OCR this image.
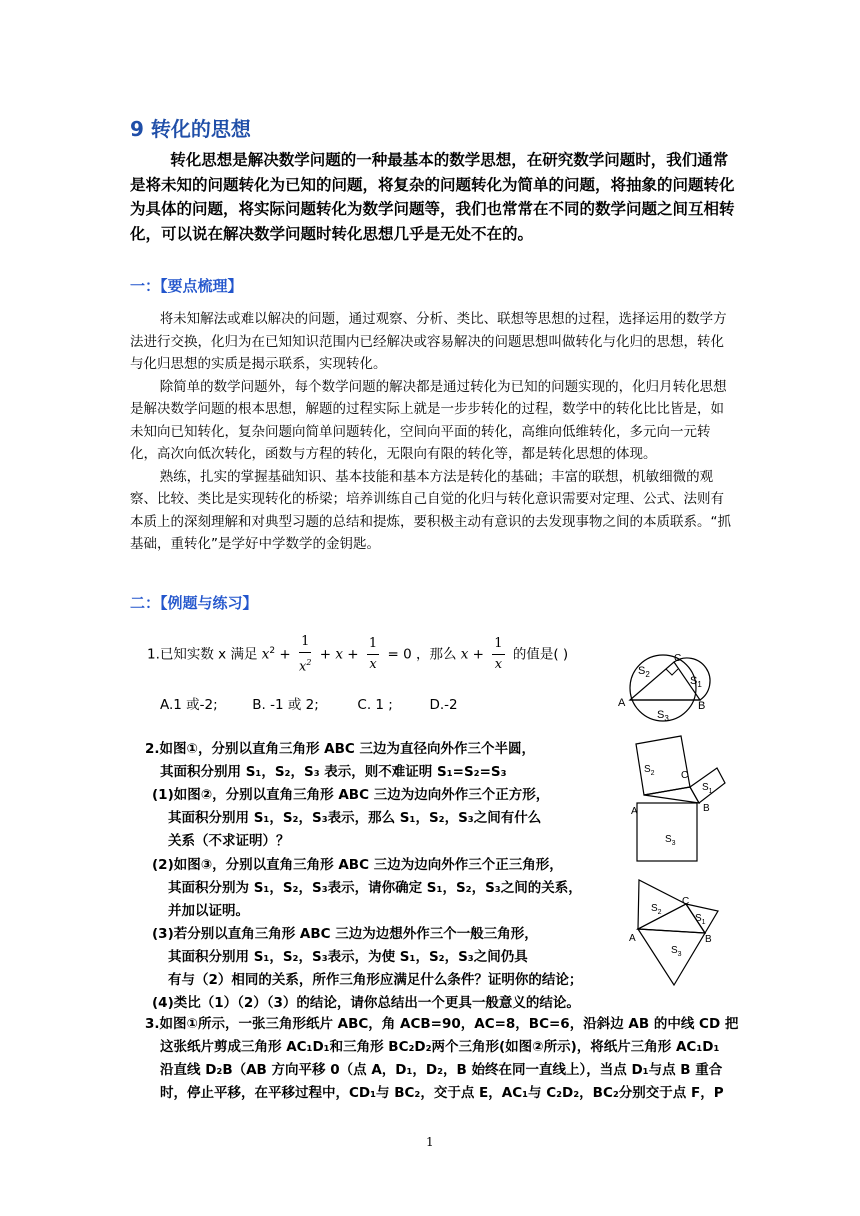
9 转化的思想

转化思想是解决数学问题的一种最基本的数学思想，在研究数学问题时，我们通常是将未知的问题转化为已知的问题，将复杂的问题转化为简单的问题，将抽象的问题转化为具体的问题，将实际问题转化为数学问题等，我们也常常在不同的数学问题之间互相转化，可以说在解决数学问题时转化思想几乎是无处不在的。

一：【要点梳理】

将未知解法或难以解决的问题，通过观察、分析、类比、联想等思想的过程，选择运用的数学方法进行交换，化归为在已知知识范围内已经解决或容易解决的问题思想叫做转化与化归的思想，转化与化归思想的实质是揭示联系，实现转化。

除简单的数学问题外，每个数学问题的解决都是通过转化为已知的问题实现的，化归月转化思想是解决数学问题的根本思想，解题的过程实际上就是一步步转化的过程，数学中的转化比比皆是，如未知向已知转化，复杂问题向简单问题转化，空间向平面的转化，高维向低维转化，多元向一元转化，高次向低次转化，函数与方程的转化，无限向有限的转化等，都是转化思想的体现。

熟练，扎实的掌握基础知识、基本技能和基本方法是转化的基础；丰富的联想，机敏细微的观察、比较、类比是实现转化的桥梁；培养训练自己自觉的化归与转化意识需要对定理、公式、法则有本质上的深刻理解和对典型习题的总结和提炼，要积极主动有意识的去发现事物之间的本质联系。“抓基础，重转化”是学好中学数学的金钥匙。

二：【例题与练习】
1.已知实数 x 满足 $x^2 + \frac{1}{x^2} + x + \frac{1}{x} = 0$ ，那么 $x + \frac{1}{x}$ 的值是( )
A.1 或-2;	B. -1 或 2;	C. 1 ;	D.-2
2.如图①，分别以直角三角形 ABC 三边为直径向外作三个半圆，
其面积分别用 S₁，S₂，S₃ 表示，则不难证明 S₁=S₂=S₃
(1)如图②，分别以直角三角形 ABC 三边为边向外作三个正方形，
其面积分别用 S₁，S₂，S₃表示，那么 S₁，S₂，S₃之间有什么
关系（不求证明）？
(2)如图③，分别以直角三角形 ABC 三边为边向外作三个正三角形，
其面积分别为 S₁，S₂，S₃表示，请你确定 S₁，S₂，S₃之间的关系，
并加以证明。
(3)若分别以直角三角形 ABC 三边为边想外作三个一般三角形，
其面积分别用 S₁，S₂，S₃表示，为使 S₁，S₂，S₃之间仍具
有与（2）相同的关系，所作三角形应满足什么条件？证明你的结论；
(4)类比（1）（2）（3）的结论，请你总结出一个更具一般意义的结论。
3.如图①所示，一张三角形纸片 ABC，角 ACB=90，AC=8，BC=6，沿斜边 AB 的中线 CD 把
这张纸片剪成三角形 AC₁D₁和三角形 BC₂D₂两个三角形(如图②所示)，将纸片三角形 AC₁D₁
沿直线 D₂B（AB 方向平移 0（点 A，D₁，D₂，B 始终在同一直线上），当点 D₁与点 B 重合
时，停止平移，在平移过程中，CD₁与 BC₂，交于点 E，AC₁与 C₂D₂，BC₂分别交于点 F，P
$S_2$
C
$S_1$
A	B
$S_3$
$S_2$	C
$S_1$
A	B
$S_3$
$S_2$
C
$S_1$
A	B
$S_3$
1
